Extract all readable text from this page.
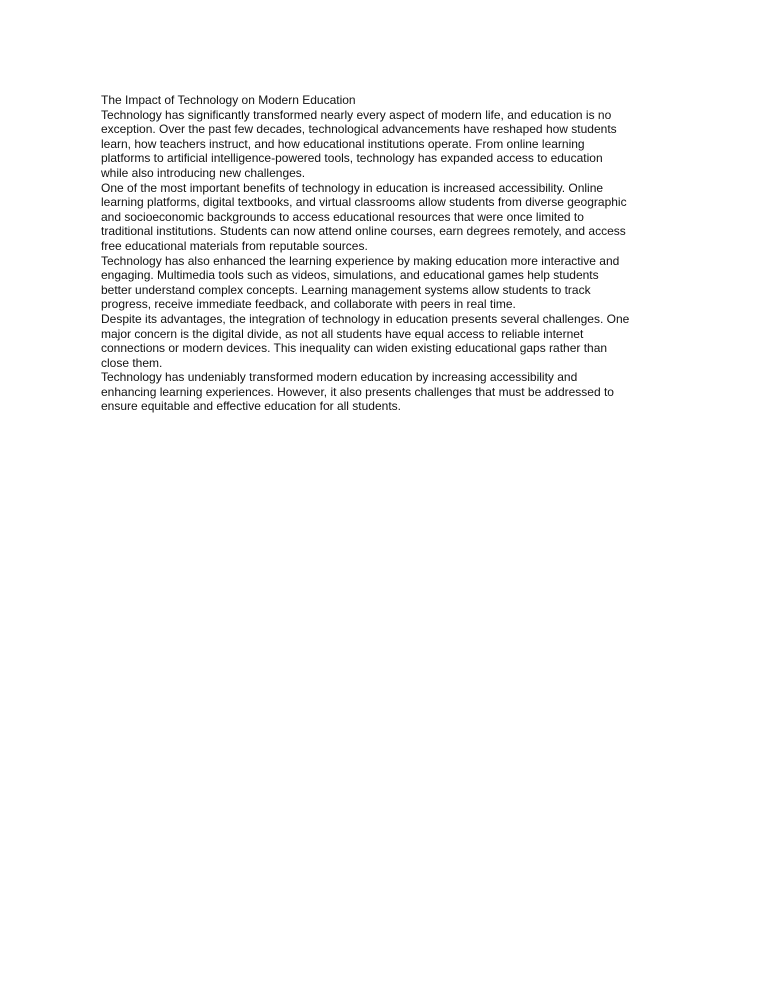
The Impact of Technology on Modern Education

Technology has significantly transformed nearly every aspect of modern life, and education is no
exception. Over the past few decades, technological advancements have reshaped how students
learn, how teachers instruct, and how educational institutions operate. From online learning
platforms to artificial intelligence-powered tools, technology has expanded access to education
while also introducing new challenges.

One of the most important benefits of technology in education is increased accessibility. Online
learning platforms, digital textbooks, and virtual classrooms allow students from diverse geographic
and socioeconomic backgrounds to access educational resources that were once limited to
traditional institutions. Students can now attend online courses, earn degrees remotely, and access
free educational materials from reputable sources.

Technology has also enhanced the learning experience by making education more interactive and
engaging. Multimedia tools such as videos, simulations, and educational games help students
better understand complex concepts. Learning management systems allow students to track
progress, receive immediate feedback, and collaborate with peers in real time.

Despite its advantages, the integration of technology in education presents several challenges. One
major concern is the digital divide, as not all students have equal access to reliable internet
connections or modern devices. This inequality can widen existing educational gaps rather than
close them.

Technology has undeniably transformed modern education by increasing accessibility and
enhancing learning experiences. However, it also presents challenges that must be addressed to
ensure equitable and effective education for all students.
